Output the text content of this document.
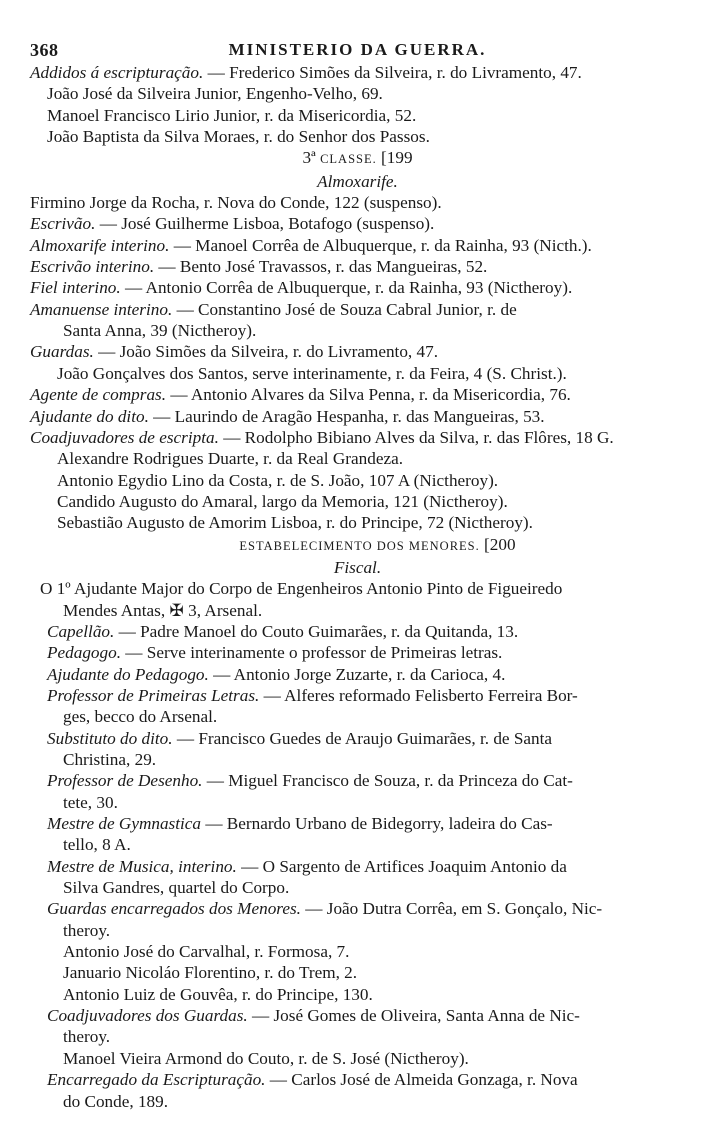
368	MINISTERIO DA GUERRA.
Addidos á escripturação. — Frederico Simões da Silveira, r. do Livramento, 47.
João José da Silveira Junior, Engenho-Velho, 69.
Manoel Francisco Lirio Junior, r. da Misericordia, 52.
João Baptista da Silva Moraes, r. do Senhor dos Passos.
3ª CLASSE. [199
Almoxarife.
Firmino Jorge da Rocha, r. Nova do Conde, 122 (suspenso).
Escrivão. — José Guilherme Lisboa, Botafogo (suspenso).
Almoxarife interino. — Manoel Corrêa de Albuquerque, r. da Rainha, 93 (Nicth.).
Escrivão interino. — Bento José Travassos, r. das Mangueiras, 52.
Fiel interino. — Antonio Corrêa de Albuquerque, r. da Rainha, 93 (Nictheroy).
Amanuense interino. — Constantino José de Souza Cabral Junior, r. de
Santa Anna, 39 (Nictheroy).
Guardas. — João Simões da Silveira, r. do Livramento, 47.
João Gonçalves dos Santos, serve interinamente, r. da Feira, 4 (S. Christ.).
Agente de compras. — Antonio Alvares da Silva Penna, r. da Misericordia, 76.
Ajudante do dito. — Laurindo de Aragão Hespanha, r. das Mangueiras, 53.
Coadjuvadores de escripta. — Rodolpho Bibiano Alves da Silva, r. das Flôres, 18 G.
Alexandre Rodrigues Duarte, r. da Real Grandeza.
Antonio Egydio Lino da Costa, r. de S. João, 107 A (Nictheroy).
Candido Augusto do Amaral, largo da Memoria, 121 (Nictheroy).
Sebastião Augusto de Amorim Lisboa, r. do Principe, 72 (Nictheroy).
ESTABELECIMENTO DOS MENORES. [200
Fiscal.
O 1º Ajudante Major do Corpo de Engenheiros Antonio Pinto de Figueiredo
Mendes Antas, ✠ 3, Arsenal.
Capellão. — Padre Manoel do Couto Guimarães, r. da Quitanda, 13.
Pedagogo. — Serve interinamente o professor de Primeiras letras.
Ajudante do Pedagogo. — Antonio Jorge Zuzarte, r. da Carioca, 4.
Professor de Primeiras Letras. — Alferes reformado Felisberto Ferreira Bor-
ges, becco do Arsenal.
Substituto do dito. — Francisco Guedes de Araujo Guimarães, r. de Santa
Christina, 29.
Professor de Desenho. — Miguel Francisco de Souza, r. da Princeza do Cat-
tete, 30.
Mestre de Gymnastica — Bernardo Urbano de Bidegorry, ladeira do Cas-
tello, 8 A.
Mestre de Musica, interino. — O Sargento de Artifices Joaquim Antonio da
Silva Gandres, quartel do Corpo.
Guardas encarregados dos Menores. — João Dutra Corrêa, em S. Gonçalo, Nic-
theroy.
Antonio José do Carvalhal, r. Formosa, 7.
Januario Nicoláo Florentino, r. do Trem, 2.
Antonio Luiz de Gouvêa, r. do Principe, 130.
Coadjuvadores dos Guardas. — José Gomes de Oliveira, Santa Anna de Nic-
theroy.
Manoel Vieira Armond do Couto, r. de S. José (Nictheroy).
Encarregado da Escripturação. — Carlos José de Almeida Gonzaga, r. Nova
do Conde, 189.
